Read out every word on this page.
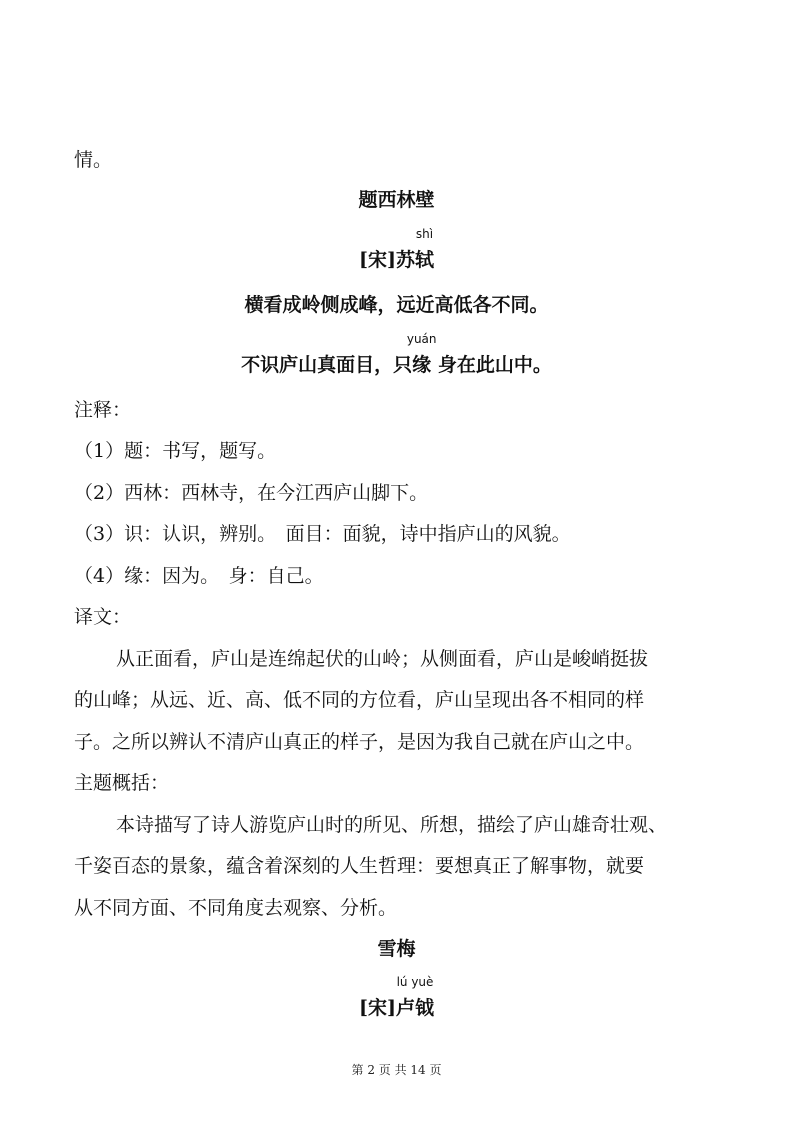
情。
题西林壁
[宋]苏
shì
轼
横看成岭侧成峰，远近高低各不同。
不识庐山真面目，只
yuán
缘 身在此山中。
注释：
（1）题：书写，题写。
（2）西林：西林寺，在今江西庐山脚下。
（3）识：认识，辨别。　面目：面貌，诗中指庐山的风貌。
（4）缘：因为。　身：自己。
译文：
从正面看，庐山是连绵起伏的山岭；从侧面看，庐山是峻峭挺拔
的山峰；从远、近、高、低不同的方位看，庐山呈现出各不相同的样
子。之所以辨认不清庐山真正的样子，是因为我自己就在庐山之中。
主题概括：
本诗描写了诗人游览庐山时的所见、所想，描绘了庐山雄奇壮观、
千姿百态的景象，蕴含着深刻的人生哲理：要想真正了解事物，就要
从不同方面、不同角度去观察、分析。
雪梅
[宋]
lú yuè
卢钺
第 2 页 共 14 页
